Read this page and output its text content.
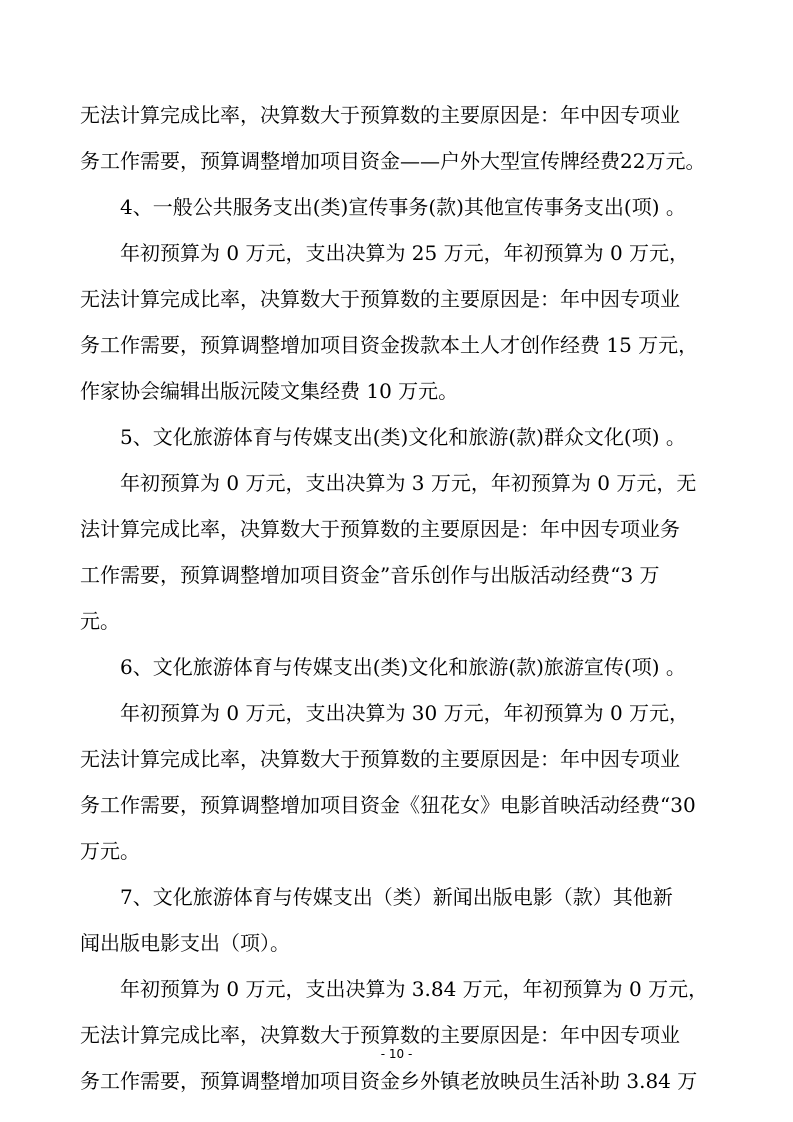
无法计算完成比率，决算数大于预算数的主要原因是：年中因专项业
务工作需要，预算调整增加项目资金——户外大型宣传牌经费22万元。
4、一般公共服务支出(类)宣传事务(款)其他宣传事务支出(项) 。
年初预算为 0 万元，支出决算为 25 万元，年初预算为 0 万元，
无法计算完成比率，决算数大于预算数的主要原因是：年中因专项业
务工作需要，预算调整增加项目资金拨款本土人才创作经费 15 万元，
作家协会编辑出版沅陵文集经费 10 万元。
5、文化旅游体育与传媒支出(类)文化和旅游(款)群众文化(项) 。
年初预算为 0 万元，支出决算为 3 万元，年初预算为 0 万元，无
法计算完成比率，决算数大于预算数的主要原因是：年中因专项业务
工作需要，预算调整增加项目资金”音乐创作与出版活动经费“3 万
元。
6、文化旅游体育与传媒支出(类)文化和旅游(款)旅游宣传(项) 。
年初预算为 0 万元，支出决算为 30 万元，年初预算为 0 万元，
无法计算完成比率，决算数大于预算数的主要原因是：年中因专项业
务工作需要，预算调整增加项目资金《狃花女》电影首映活动经费“30
万元。
7、文化旅游体育与传媒支出（类）新闻出版电影（款）其他新
闻出版电影支出（项）。
年初预算为 0 万元，支出决算为 3.84 万元，年初预算为 0 万元，
无法计算完成比率，决算数大于预算数的主要原因是：年中因专项业
务工作需要，预算调整增加项目资金乡外镇老放映员生活补助 3.84 万
- 10 -
